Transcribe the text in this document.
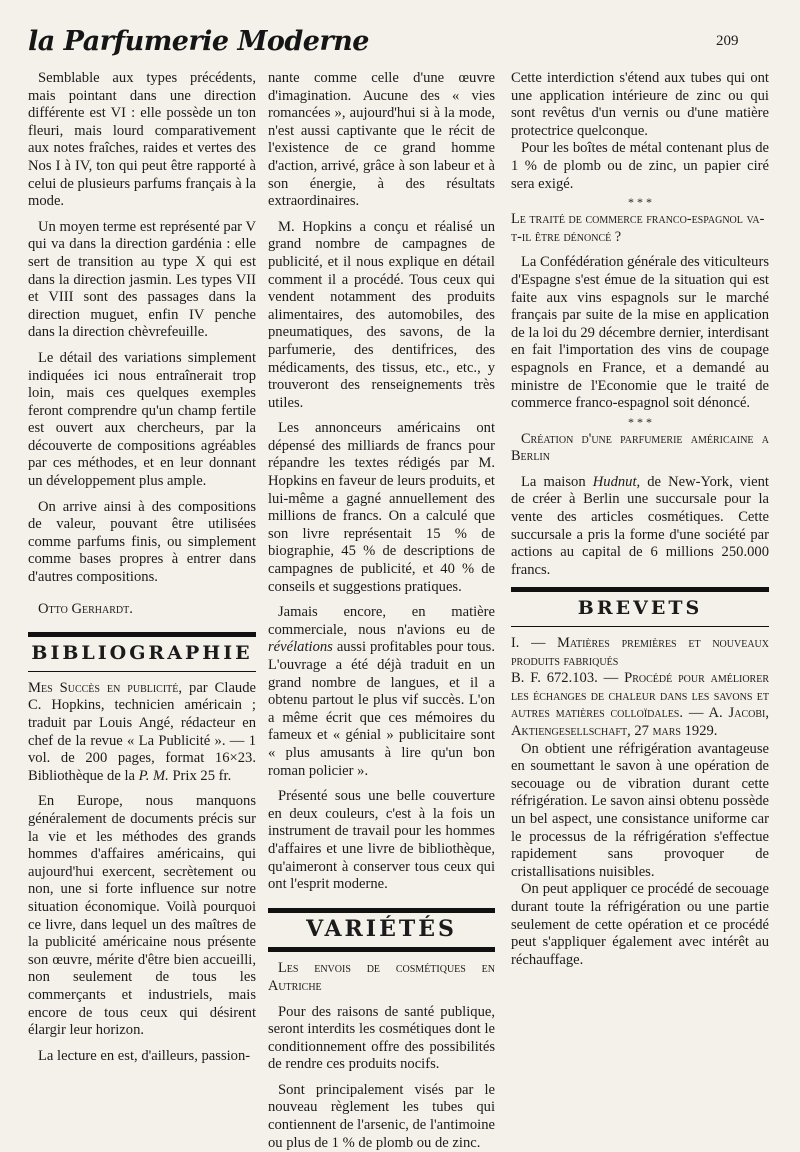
la Parfumerie Moderne	209

Semblable aux types précédents, mais pointant dans une direction différente est VI : elle possède un ton fleuri, mais lourd comparativement aux notes fraîches, raides et vertes des Nos I à IV, ton qui peut être rapporté à celui de plusieurs parfums français à la mode.

Un moyen terme est représenté par V qui va dans la direction gardénia : elle sert de transition au type X qui est dans la direction jasmin. Les types VII et VIII sont des passages dans la direction muguet, enfin IV penche dans la direction chèvrefeuille.

Le détail des variations simplement indiquées ici nous entraînerait trop loin, mais ces quelques exemples feront comprendre qu'un champ fertile est ouvert aux chercheurs, par la découverte de compositions agréables par ces méthodes, et en leur donnant un développement plus ample.

On arrive ainsi à des compositions de valeur, pouvant être utilisées comme parfums finis, ou simplement comme bases propres à entrer dans d'autres compositions.

Otto Gerhardt.

BIBLIOGRAPHIE

Mes Succès en publicité, par Claude C. Hopkins, technicien américain ; traduit par Louis Angé, rédacteur en chef de la revue « La Publicité ». — 1 vol. de 200 pages, format 16×23. Bibliothèque de la P. M. Prix 25 fr.

En Europe, nous manquons généralement de documents précis sur la vie et les méthodes des grands hommes d'affaires américains, qui aujourd'hui exercent, secrètement ou non, une si forte influence sur notre situation économique. Voilà pourquoi ce livre, dans lequel un des maîtres de la publicité américaine nous présente son œuvre, mérite d'être bien accueilli, non seulement de tous les commerçants et industriels, mais encore de tous ceux qui désirent élargir leur horizon.

La lecture en est, d'ailleurs, passion-

nante comme celle d'une œuvre d'imagination. Aucune des « vies romancées », aujourd'hui si à la mode, n'est aussi captivante que le récit de l'existence de ce grand homme d'action, arrivé, grâce à son labeur et à son énergie, à des résultats extraordinaires.

M. Hopkins a conçu et réalisé un grand nombre de campagnes de publicité, et il nous explique en détail comment il a procédé. Tous ceux qui vendent notamment des produits alimentaires, des automobiles, des pneumatiques, des savons, de la parfumerie, des dentifrices, des médicaments, des tissus, etc., etc., y trouveront des renseignements très utiles.

Les annonceurs américains ont dépensé des milliards de francs pour répandre les textes rédigés par M. Hopkins en faveur de leurs produits, et lui-même a gagné annuellement des millions de francs. On a calculé que son livre représentait 15 % de biographie, 45 % de descriptions de campagnes de publicité, et 40 % de conseils et suggestions pratiques.

Jamais encore, en matière commerciale, nous n'avions eu de révélations aussi profitables pour tous. L'ouvrage a été déjà traduit en un grand nombre de langues, et il a obtenu partout le plus vif succès. L'on a même écrit que ces mémoires du fameux et « génial » publicitaire sont « plus amusants à lire qu'un bon roman policier ».

Présenté sous une belle couverture en deux couleurs, c'est à la fois un instrument de travail pour les hommes d'affaires et une livre de bibliothèque, qu'aimeront à conserver tous ceux qui ont l'esprit moderne.

VARIÉTÉS

Les envois de cosmétiques en Autriche

Pour des raisons de santé publique, seront interdits les cosmétiques dont le conditionnement offre des possibilités de rendre ces produits nocifs.

Sont principalement visés par le nouveau règlement les tubes qui contiennent de l'arsenic, de l'antimoine ou plus de 1 % de plomb ou de zinc.

Cette interdiction s'étend aux tubes qui ont une application intérieure de zinc ou qui sont revêtus d'un vernis ou d'une matière protectrice quelconque.

Pour les boîtes de métal contenant plus de 1 % de plomb ou de zinc, un papier ciré sera exigé.

* * *

Le traité de commerce franco-espagnol va-t-il être dénoncé ?

La Confédération générale des viticulteurs d'Espagne s'est émue de la situation qui est faite aux vins espagnols sur le marché français par suite de la mise en application de la loi du 29 décembre dernier, interdisant en fait l'importation des vins de coupage espagnols en France, et a demandé au ministre de l'Economie que le traité de commerce franco-espagnol soit dénoncé.

* * *

Création d'une parfumerie américaine a Berlin

La maison Hudnut, de New-York, vient de créer à Berlin une succursale pour la vente des articles cosmétiques. Cette succursale a pris la forme d'une société par actions au capital de 6 millions 250.000 francs.

BREVETS

I. — Matières premières et nouveaux produits fabriqués

B. F. 672.103. — Procédé pour améliorer les échanges de chaleur dans les savons et autres matières colloïdales. — A. Jacobi, Aktiengesellschaft, 27 mars 1929.

On obtient une réfrigération avantageuse en soumettant le savon à une opération de secouage ou de vibration durant cette réfrigération. Le savon ainsi obtenu possède un bel aspect, une consistance uniforme car le processus de la réfrigération s'effectue rapidement sans provoquer de cristallisations nuisibles.

On peut appliquer ce procédé de secouage durant toute la réfrigération ou une partie seulement de cette opération et ce procédé peut s'appliquer également avec intérêt au réchauffage.
